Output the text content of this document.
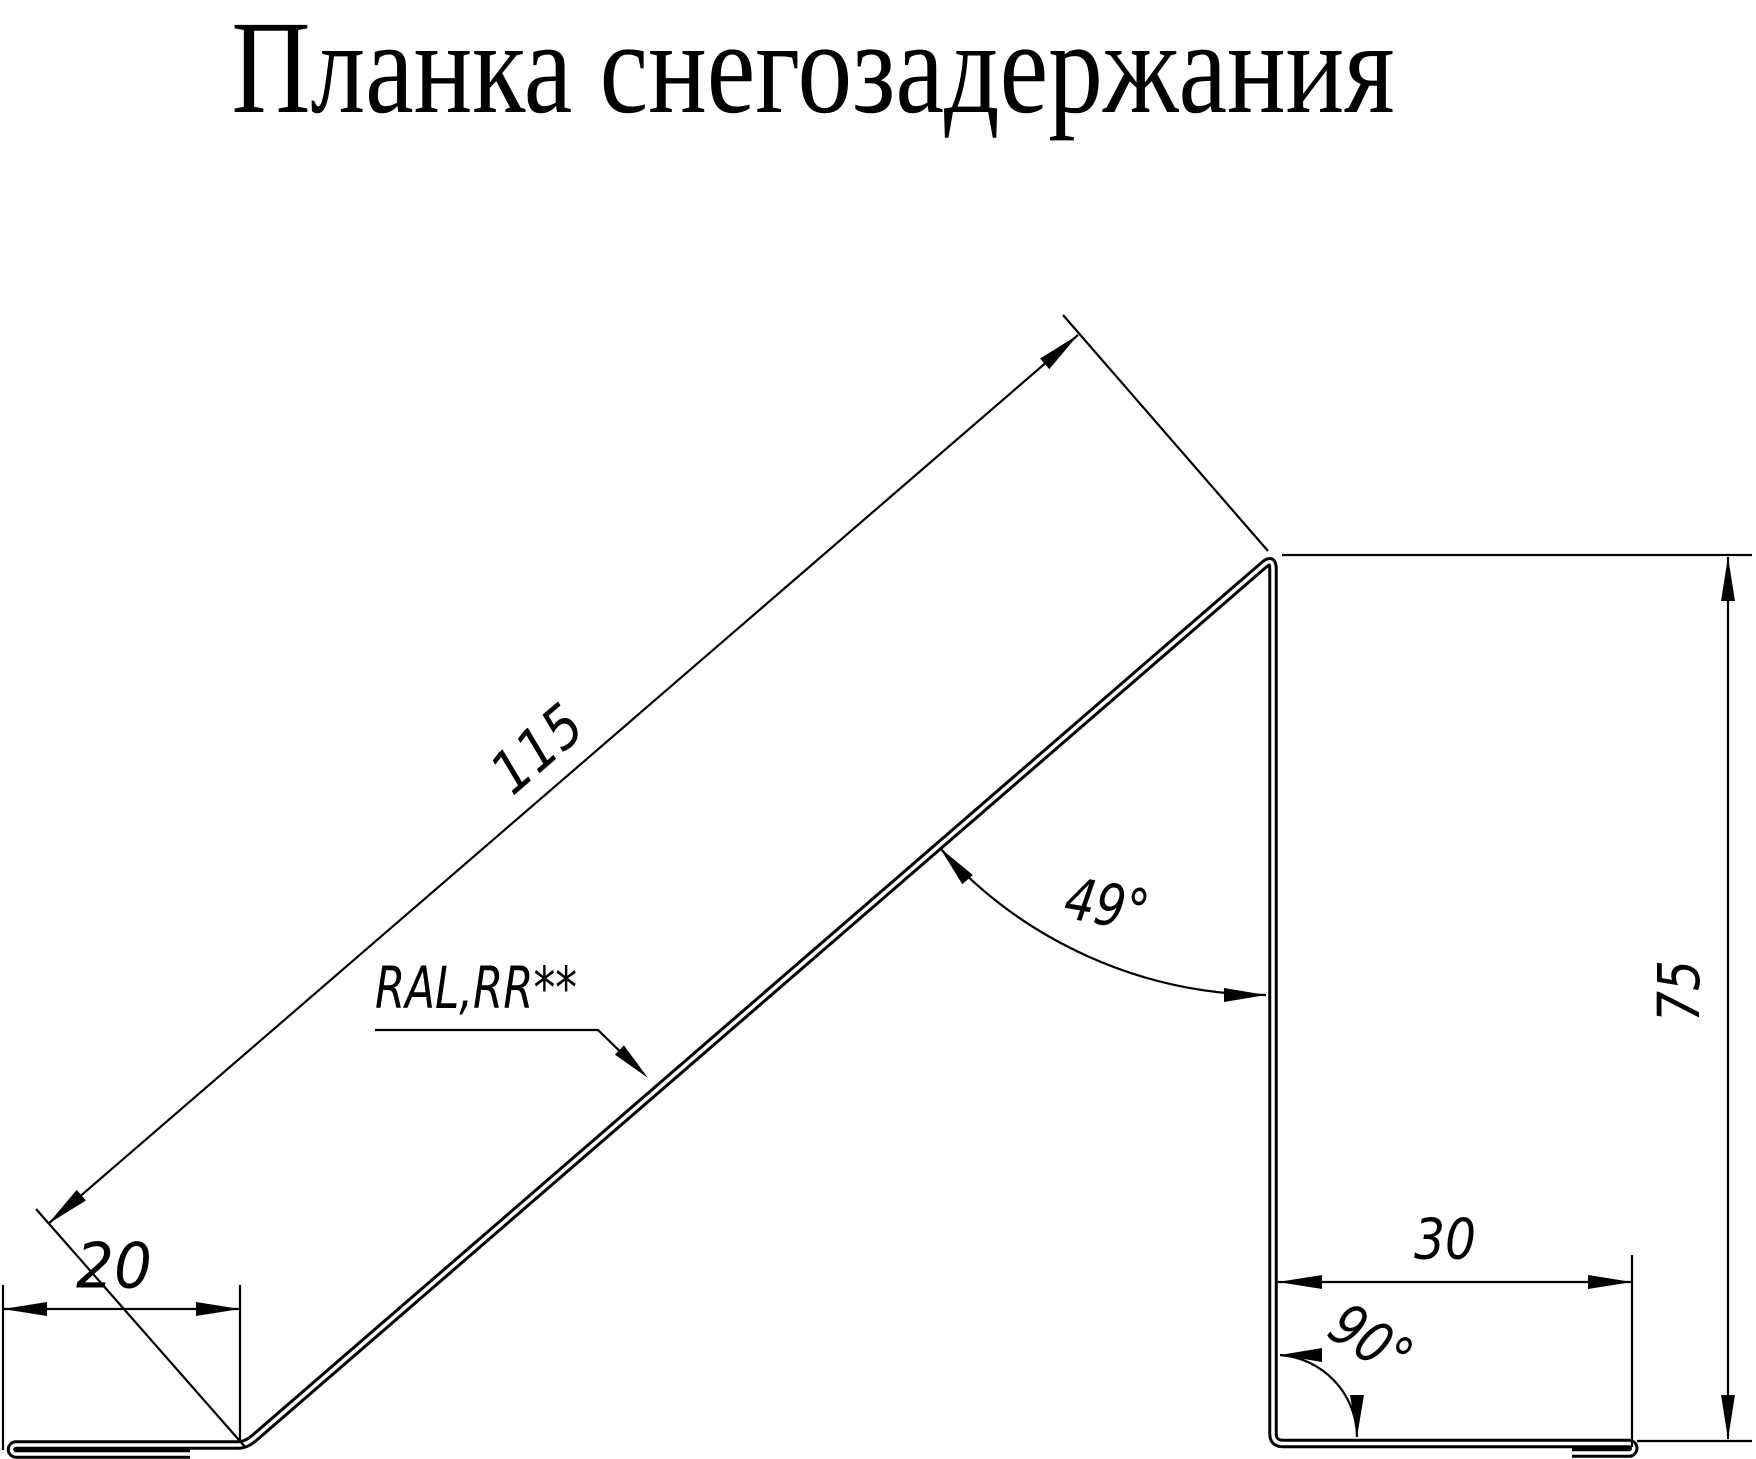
Планка снегозадержания
115
20	30
75
49°
90°
RAL,RR**
